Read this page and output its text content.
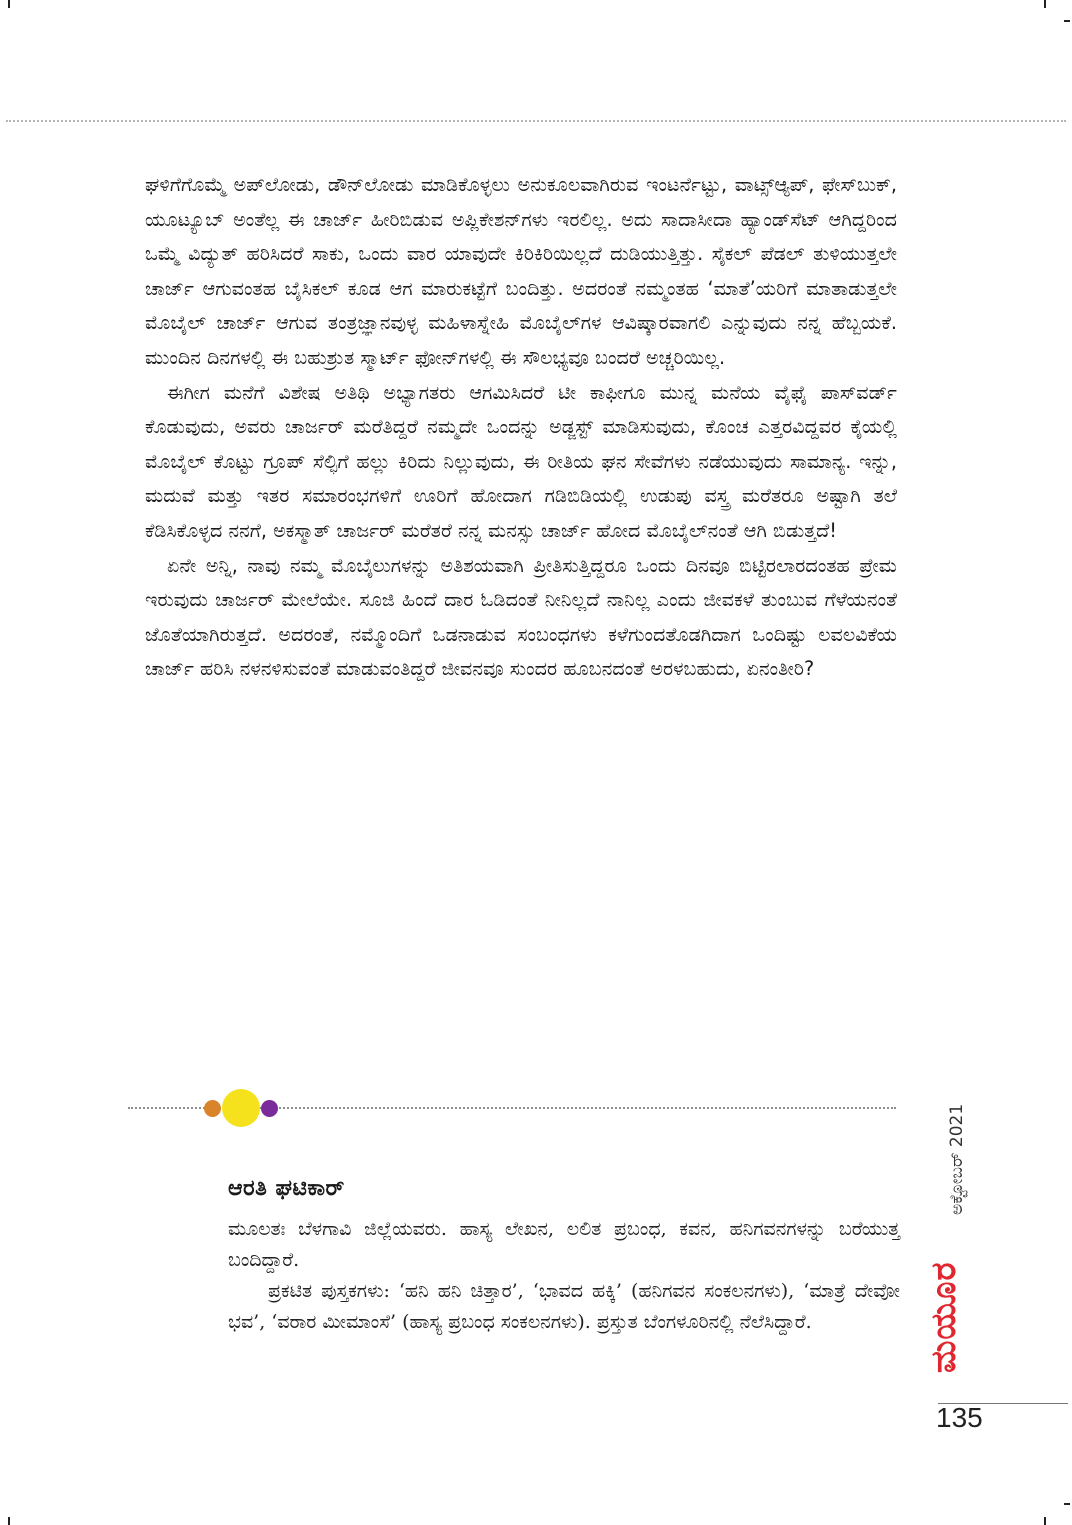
ಘಳಿಗೆಗೊಮ್ಮೆ ಅಪ್‌ಲೋಡು, ಡೌನ್‌ಲೋಡು ಮಾಡಿಕೊಳ್ಳಲು ಅನುಕೂಲವಾಗಿರುವ ಇಂಟರ್ನೆಟ್ಟು, ವಾಟ್ಸ್‌ಆ್ಯಪ್, ಫೇಸ್‌ಬುಕ್, ಯೂಟ್ಯೂಬ್ ಅಂತೆಲ್ಲ ಈ ಚಾರ್ಜ್ ಹೀರಿಬಿಡುವ ಅಪ್ಲಿಕೇಶನ್‌ಗಳು ಇರಲಿಲ್ಲ. ಅದು ಸಾದಾಸೀದಾ ಹ್ಯಾಂಡ್‌ಸೆಟ್ ಆಗಿದ್ದರಿಂದ ಒಮ್ಮೆ ವಿದ್ಯುತ್ ಹರಿಸಿದರೆ ಸಾಕು, ಒಂದು ವಾರ ಯಾವುದೇ ಕಿರಿಕಿರಿಯಿಲ್ಲದೆ ದುಡಿಯುತ್ತಿತ್ತು. ಸೈಕಲ್ ಪೆಡಲ್ ತುಳಿಯುತ್ತಲೇ ಚಾರ್ಜ್ ಆಗುವಂತಹ ಬೈಸಿಕಲ್ ಕೂಡ ಆಗ ಮಾರುಕಟ್ಟೆಗೆ ಬಂದಿತ್ತು. ಅದರಂತೆ ನಮ್ಮಂತಹ ‘ಮಾತೆ’ಯರಿಗೆ ಮಾತಾಡುತ್ತಲೇ ಮೊಬೈಲ್ ಚಾರ್ಜ್ ಆಗುವ ತಂತ್ರಜ್ಞಾನವುಳ್ಳ ಮಹಿಳಾಸ್ನೇಹಿ ಮೊಬೈಲ್‌ಗಳ ಆವಿಷ್ಕಾರವಾಗಲಿ ಎನ್ನುವುದು ನನ್ನ ಹೆಬ್ಬಯಕೆ. ಮುಂದಿನ ದಿನಗಳಲ್ಲಿ ಈ ಬಹುಶ್ರುತ ಸ್ಮಾರ್ಟ್ ಫೋನ್‌ಗಳಲ್ಲಿ ಈ ಸೌಲಭ್ಯವೂ ಬಂದರೆ ಅಚ್ಚರಿಯಿಲ್ಲ.

ಈಗೀಗ ಮನೆಗೆ ವಿಶೇಷ ಅತಿಥಿ ಅಭ್ಯಾಗತರು ಆಗಮಿಸಿದರೆ ಟೀ ಕಾಫೀಗೂ ಮುನ್ನ ಮನೆಯ ವೈಫೈ ಪಾಸ್‌ವರ್ಡ್ ಕೊಡುವುದು, ಅವರು ಚಾರ್ಜರ್ ಮರೆತಿದ್ದರೆ ನಮ್ಮದೇ ಒಂದನ್ನು ಅಡ್ಜಸ್ಟ್ ಮಾಡಿಸುವುದು, ಕೊಂಚ ಎತ್ತರವಿದ್ದವರ ಕೈಯಲ್ಲಿ ಮೊಬೈಲ್ ಕೊಟ್ಟು ಗ್ರೂಪ್ ಸೆಲ್ಫಿಗೆ ಹಲ್ಲು ಕಿರಿದು ನಿಲ್ಲುವುದು, ಈ ರೀತಿಯ ಘನ ಸೇವೆಗಳು ನಡೆಯುವುದು ಸಾಮಾನ್ಯ. ಇನ್ನು, ಮದುವೆ ಮತ್ತು ಇತರ ಸಮಾರಂಭಗಳಿಗೆ ಊರಿಗೆ ಹೋದಾಗ ಗಡಿಬಿಡಿಯಲ್ಲಿ ಉಡುಪು ವಸ್ತ್ರ ಮರೆತರೂ ಅಷ್ಟಾಗಿ ತಲೆ ಕೆಡಿಸಿಕೊಳ್ಳದ ನನಗೆ, ಅಕಸ್ಮಾತ್ ಚಾರ್ಜರ್ ಮರೆತರೆ ನನ್ನ ಮನಸ್ಸು ಚಾರ್ಜ್ ಹೋದ ಮೊಬೈಲ್‌ನಂತೆ ಆಗಿ ಬಿಡುತ್ತದೆ!

ಏನೇ ಅನ್ನಿ, ನಾವು ನಮ್ಮ ಮೊಬೈಲುಗಳನ್ನು ಅತಿಶಯವಾಗಿ ಪ್ರೀತಿಸುತ್ತಿದ್ದರೂ ಒಂದು ದಿನವೂ ಬಿಟ್ಟಿರಲಾರದಂತಹ ಪ್ರೇಮ ಇರುವುದು ಚಾರ್ಜರ್ ಮೇಲೆಯೇ. ಸೂಜಿ ಹಿಂದೆ ದಾರ ಓಡಿದಂತೆ ನೀನಿಲ್ಲದೆ ನಾನಿಲ್ಲ ಎಂದು ಜೀವಕಳೆ ತುಂಬುವ ಗೆಳೆಯನಂತೆ ಜೊತೆಯಾಗಿರುತ್ತದೆ. ಅದರಂತೆ, ನಮ್ಮೊಂದಿಗೆ ಒಡನಾಡುವ ಸಂಬಂಧಗಳು ಕಳೆಗುಂದತೊಡಗಿದಾಗ ಒಂದಿಷ್ಟು ಲವಲವಿಕೆಯ ಚಾರ್ಜ್ ಹರಿಸಿ ನಳನಳಿಸುವಂತೆ ಮಾಡುವಂತಿದ್ದರೆ ಜೀವನವೂ ಸುಂದರ ಹೂಬನದಂತೆ ಅರಳಬಹುದು, ಏನಂತೀರಿ?

ಆರತಿ ಘಟಿಕಾರ್

ಮೂಲತಃ ಬೆಳಗಾವಿ ಜಿಲ್ಲೆಯವರು. ಹಾಸ್ಯ ಲೇಖನ, ಲಲಿತ ಪ್ರಬಂಧ, ಕವನ, ಹನಿಗವನಗಳನ್ನು ಬರೆಯುತ್ತ ಬಂದಿದ್ದಾರೆ.

ಪ್ರಕಟಿತ ಪುಸ್ತಕಗಳು: ‘ಹನಿ ಹನಿ ಚಿತ್ತಾರ’, ‘ಭಾವದ ಹಕ್ಕಿ’ (ಹನಿಗವನ ಸಂಕಲನಗಳು), ‘ಮಾತ್ರೆ ದೇವೋ ಭವ’, ‘ವರಾರ ಮೀಮಾಂಸೆ’ (ಹಾಸ್ಯ ಪ್ರಬಂಧ ಸಂಕಲನಗಳು). ಪ್ರಸ್ತುತ ಬೆಂಗಳೂರಿನಲ್ಲಿ ನೆಲೆಸಿದ್ದಾರೆ.

ಅಕ್ಟೋಬರ್ 2021
ಮಯೂರ
135
